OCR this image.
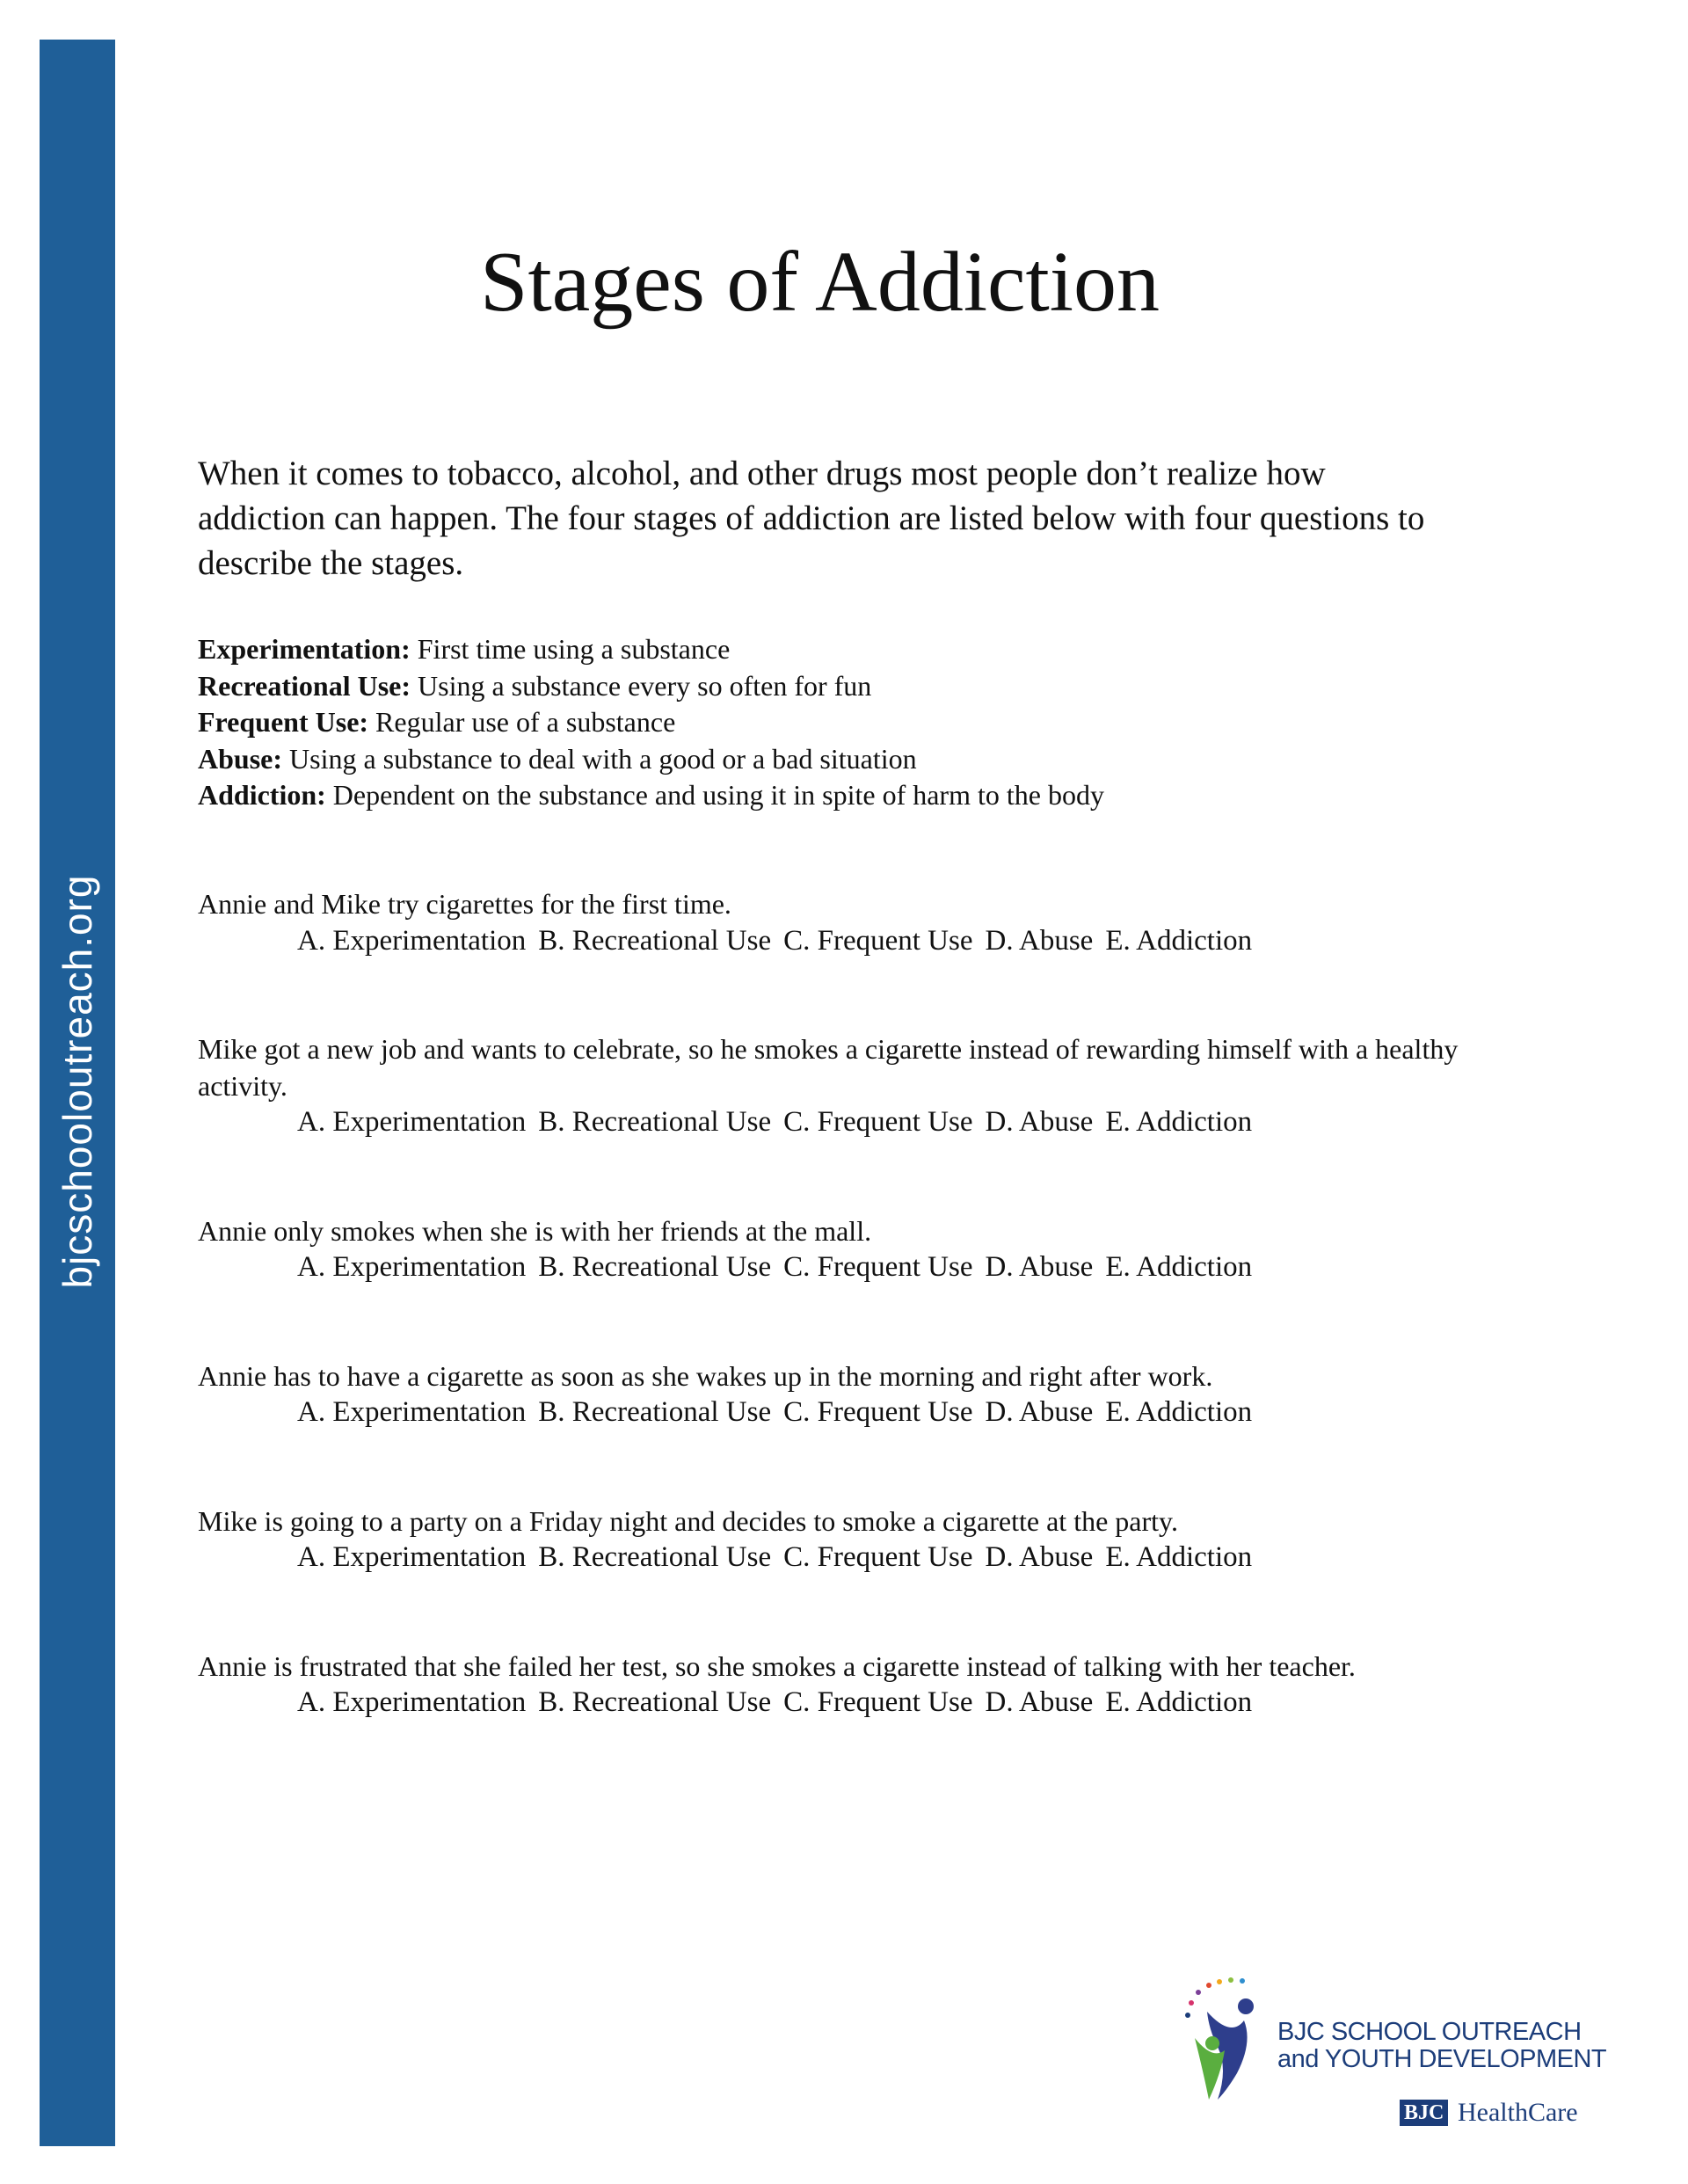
bjcschooloutreach.org
Stages of Addiction

When it comes to tobacco, alcohol, and other drugs most people don’t realize how addiction can happen. The four stages of addiction are listed below with four questions to describe the stages.

Experimentation: First time using a substance
Recreational Use: Using a substance every so often for fun
Frequent Use: Regular use of a substance
Abuse: Using a substance to deal with a good or a bad situation
Addiction: Dependent on the substance and using it in spite of harm to the body
Annie and Mike try cigarettes for the first time.
A. Experimentation B. Recreational Use C. Frequent Use D. Abuse E. Addiction
Mike got a new job and wants to celebrate, so he smokes a cigarette instead of rewarding himself with a healthy activity.
A. Experimentation B. Recreational Use C. Frequent Use D. Abuse E. Addiction
Annie only smokes when she is with her friends at the mall.
A. Experimentation B. Recreational Use C. Frequent Use D. Abuse E. Addiction
Annie has to have a cigarette as soon as she wakes up in the morning and right after work.
A. Experimentation B. Recreational Use C. Frequent Use D. Abuse E. Addiction
Mike is going to a party on a Friday night and decides to smoke a cigarette at the party.
A. Experimentation B. Recreational Use C. Frequent Use D. Abuse E. Addiction
Annie is frustrated that she failed her test, so she smokes a cigarette instead of talking with her teacher.
A. Experimentation B. Recreational Use C. Frequent Use D. Abuse E. Addiction
BJC SCHOOL OUTREACH
and YOUTH DEVELOPMENT
BJC HealthCare
